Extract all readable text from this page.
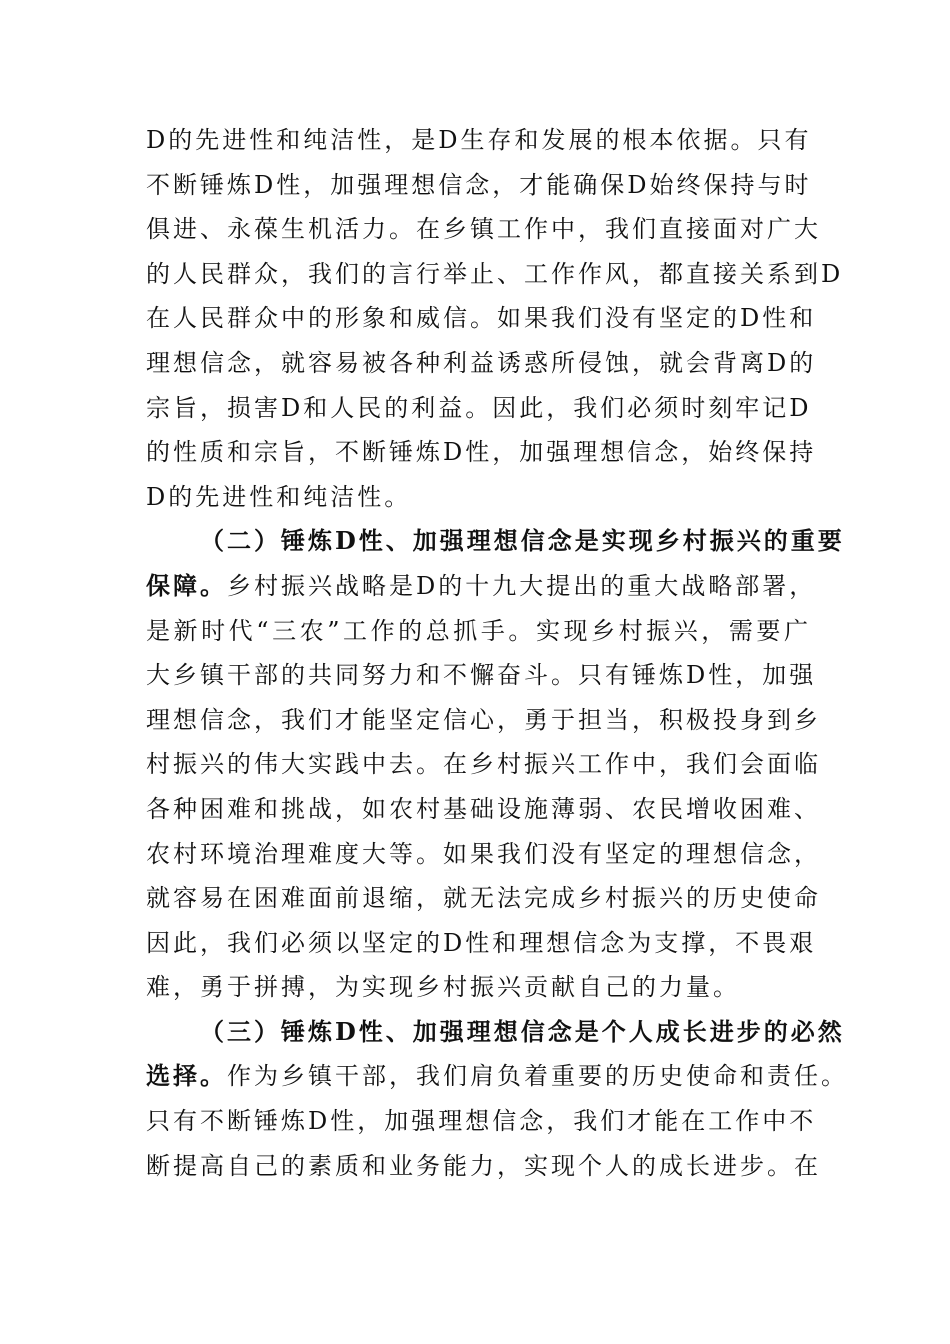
D的先进性和纯洁性，是D生存和发展的根本依据。只有
不断锤炼D性，加强理想信念，才能确保D始终保持与时
俱进、永葆生机活力。在乡镇工作中，我们直接面对广大
的人民群众，我们的言行举止、工作作风，都直接关系到D
在人民群众中的形象和威信。如果我们没有坚定的D性和
理想信念，就容易被各种利益诱惑所侵蚀，就会背离D的
宗旨，损害D和人民的利益。因此，我们必须时刻牢记D
的性质和宗旨，不断锤炼D性，加强理想信念，始终保持
D的先进性和纯洁性。
（二）锤炼D性、加强理想信念是实现乡村振兴的重要
保障。乡村振兴战略是D的十九大提出的重大战略部署，
是新时代“三农”工作的总抓手。实现乡村振兴，需要广
大乡镇干部的共同努力和不懈奋斗。只有锤炼D性，加强
理想信念，我们才能坚定信心，勇于担当，积极投身到乡
村振兴的伟大实践中去。在乡村振兴工作中，我们会面临
各种困难和挑战，如农村基础设施薄弱、农民增收困难、
农村环境治理难度大等。如果我们没有坚定的理想信念，
就容易在困难面前退缩，就无法完成乡村振兴的历史使命
因此，我们必须以坚定的D性和理想信念为支撑，不畏艰
难，勇于拼搏，为实现乡村振兴贡献自己的力量。
（三）锤炼D性、加强理想信念是个人成长进步的必然
选择。作为乡镇干部，我们肩负着重要的历史使命和责任。
只有不断锤炼D性，加强理想信念，我们才能在工作中不
断提高自己的素质和业务能力，实现个人的成长进步。在
